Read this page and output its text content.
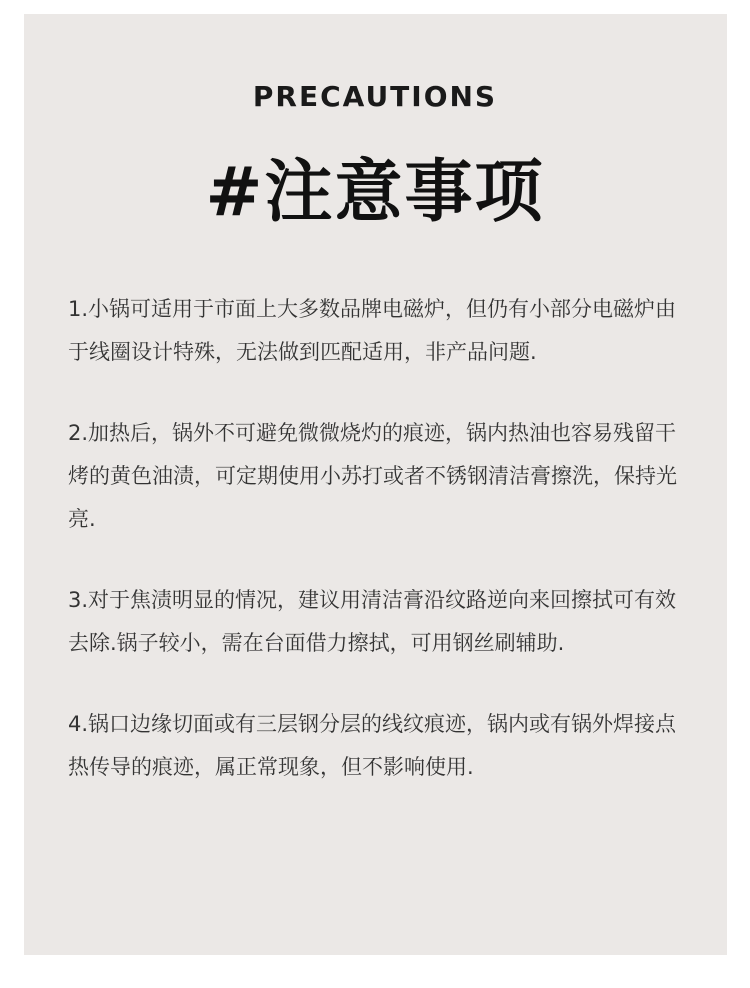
PRECAUTIONS
#注意事项

1.小锅可适用于市面上大多数品牌电磁炉，但仍有小部分电磁炉由于线圈设计特殊，无法做到匹配适用，非产品问题.

2.加热后，锅外不可避免微微烧灼的痕迹，锅内热油也容易残留干烤的黄色油渍，可定期使用小苏打或者不锈钢清洁膏擦洗，保持光亮.

3.对于焦渍明显的情况，建议用清洁膏沿纹路逆向来回擦拭可有效去除.锅子较小，需在台面借力擦拭，可用钢丝刷辅助.

4.锅口边缘切面或有三层钢分层的线纹痕迹，锅内或有锅外焊接点热传导的痕迹，属正常现象，但不影响使用.
